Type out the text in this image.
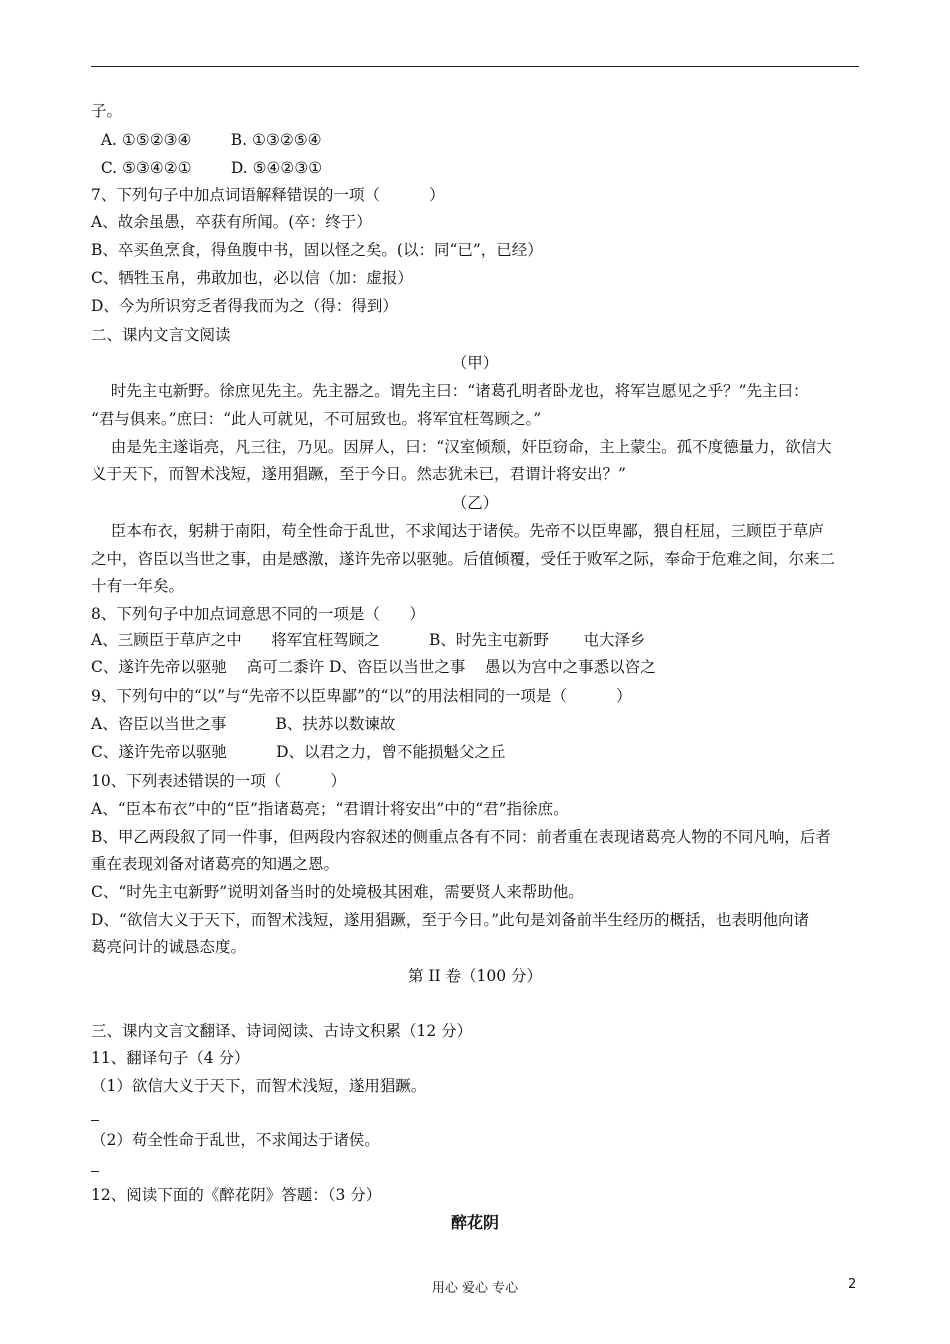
子。
A. ①⑤②③④        B. ①③②⑤④
C. ⑤③④②①        D. ⑤④②③①
7、下列句子中加点词语解释错误的一项（          ）
A、故余虽愚，卒获有所闻。(卒：终于）
B、卒买鱼烹食，得鱼腹中书，固以怪之矣。(以：同“已”，已经）
C、牺牲玉帛，弗敢加也，必以信（加：虚报）
D、今为所识穷乏者得我而为之（得：得到）
二、课内文言文阅读
（甲）
时先主屯新野。徐庶见先主。先主器之。谓先主曰：“诸葛孔明者卧龙也，将军岂愿见之乎？”先主曰：
“君与俱来。”庶曰：“此人可就见，不可屈致也。将军宜枉驾顾之。”
由是先主遂诣亮，凡三往，乃见。因屏人，曰：“汉室倾颓，奸臣窃命，主上蒙尘。孤不度德量力，欲信大
义于天下，而智术浅短，遂用猖蹶，至于今日。然志犹未已，君谓计将安出？”
（乙）
臣本布衣，躬耕于南阳，苟全性命于乱世，不求闻达于诸侯。先帝不以臣卑鄙，猥自枉屈，三顾臣于草庐
之中，咨臣以当世之事，由是感激，遂许先帝以驱驰。后值倾覆，受任于败军之际，奉命于危难之间，尔来二
十有一年矣。
8、下列句子中加点词意思不同的一项是（      ）
A、三顾臣于草庐之中      将军宜枉驾顾之          B、时先主屯新野       屯大泽乡
C、遂许先帝以驱驰    高可二黍许 D、咨臣以当世之事    愚以为宫中之事悉以咨之
9、下列句中的“以”与“先帝不以臣卑鄙”的“以”的用法相同的一项是（          ）
A、咨臣以当世之事          B、扶苏以数谏故
C、遂许先帝以驱驰          D、以君之力，曾不能损魁父之丘
10、下列表述错误的一项（          ）
A、“臣本布衣”中的“臣”指诸葛亮；“君谓计将安出”中的“君”指徐庶。
B、甲乙两段叙了同一件事，但两段内容叙述的侧重点各有不同：前者重在表现诸葛亮人物的不同凡响，后者
重在表现刘备对诸葛亮的知遇之恩。
C、“时先主屯新野”说明刘备当时的处境极其困难，需要贤人来帮助他。
D、“欲信大义于天下，而智术浅短，遂用猖蹶，至于今日。”此句是刘备前半生经历的概括，也表明他向诸
葛亮问计的诚恳态度。
第 II 卷（100 分）
三、课内文言文翻译、诗词阅读、古诗文积累（12 分）
11、翻译句子（4 分）
（1）欲信大义于天下，而智术浅短，遂用猖蹶。
（2）苟全性命于乱世，不求闻达于诸侯。
12、阅读下面的《醉花阴》答题：（3 分）
醉花阴
用心 爱心 专心	2
